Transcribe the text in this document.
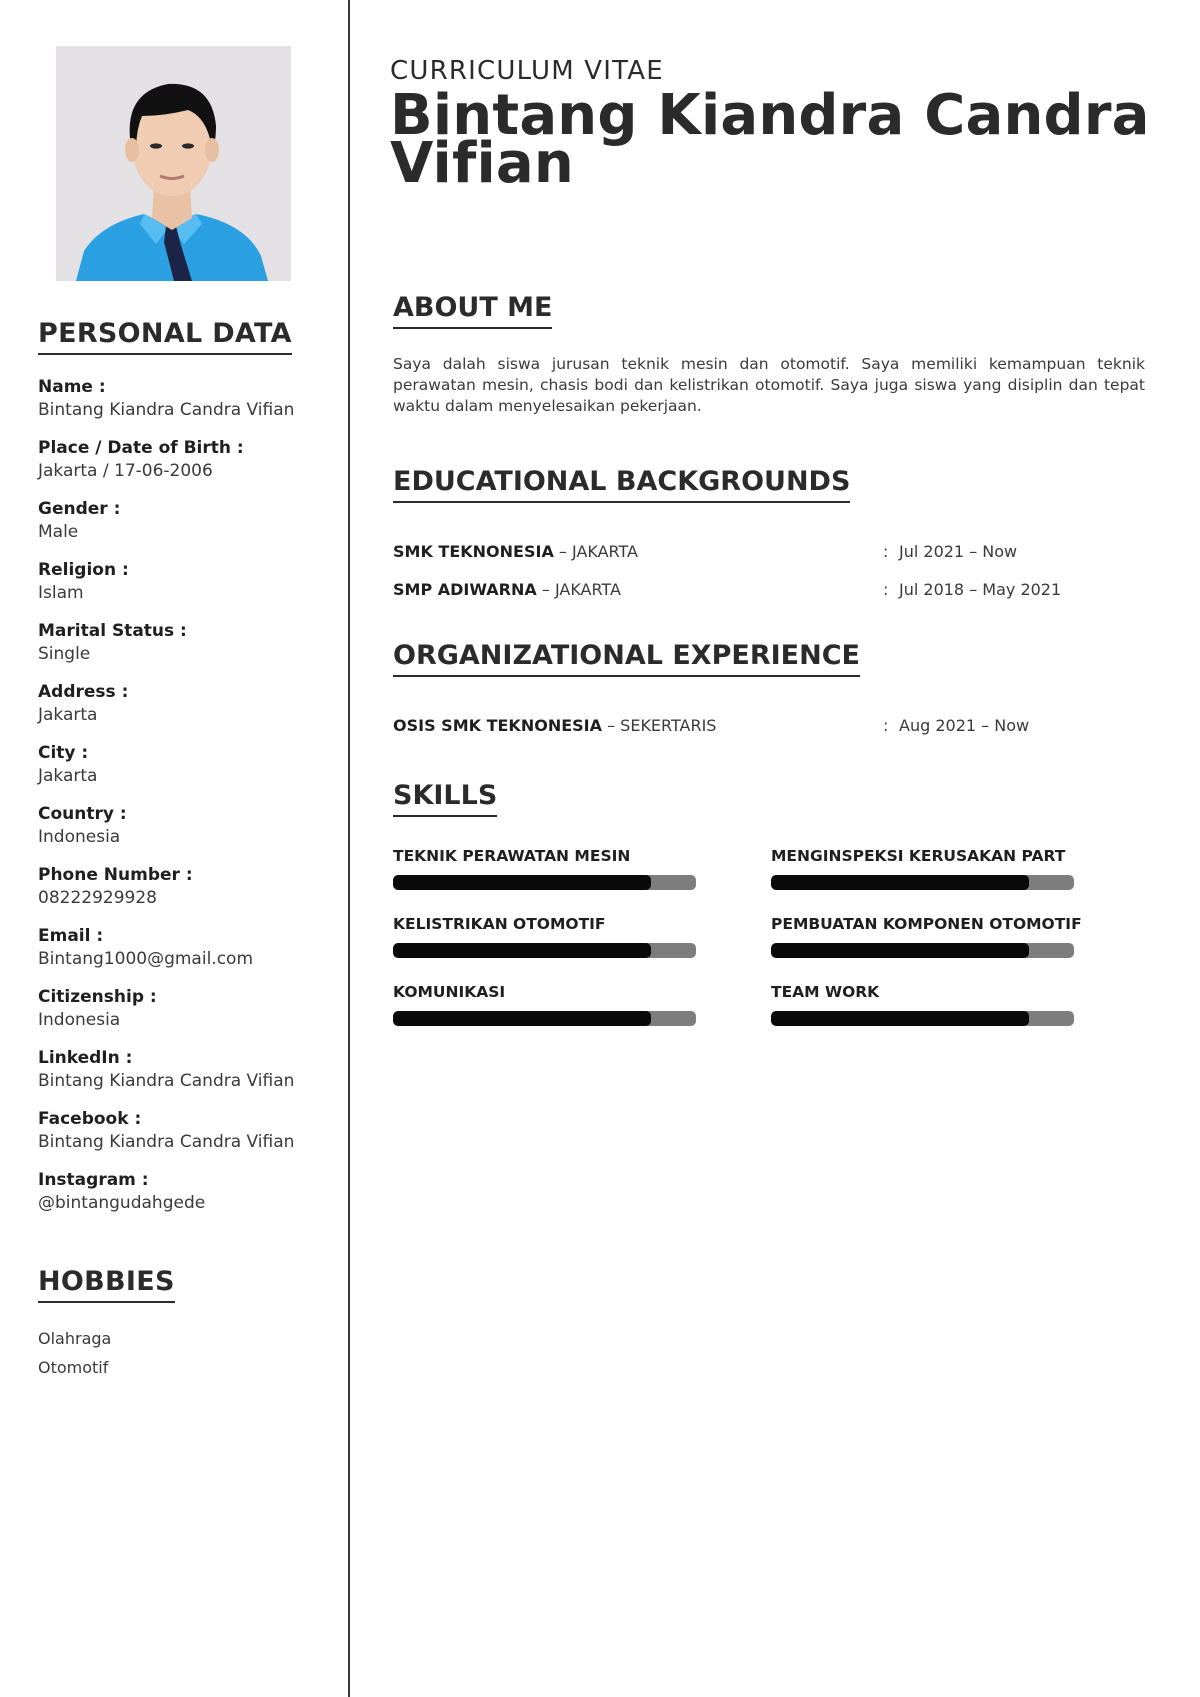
PERSONAL DATA
Name :
Bintang Kiandra Candra Vifian
Place / Date of Birth :
Jakarta / 17-06-2006
Gender :
Male
Religion :
Islam
Marital Status :
Single
Address :
Jakarta
City :
Jakarta
Country :
Indonesia
Phone Number :
08222929928
Email :
Bintang1000@gmail.com
Citizenship :
Indonesia
LinkedIn :
Bintang Kiandra Candra Vifian
Facebook :
Bintang Kiandra Candra Vifian
Instagram :
@bintangudahgede
HOBBIES
Olahraga
Otomotif
CURRICULUM VITAE
Bintang Kiandra Candra Vifian
ABOUT ME

Saya dalah siswa jurusan teknik mesin dan otomotif. Saya memiliki kemampuan teknik perawatan mesin, chasis bodi dan kelistrikan otomotif. Saya juga siswa yang disiplin dan tepat waktu dalam menyelesaikan pekerjaan.

EDUCATIONAL BACKGROUNDS
SMK TEKNONESIA – JAKARTA	: Jul 2021 – Now
SMP ADIWARNA – JAKARTA	: Jul 2018 – May 2021
ORGANIZATIONAL EXPERIENCE
OSIS SMK TEKNONESIA – SEKERTARIS	: Aug 2021 – Now
SKILLS
TEKNIK PERAWATAN MESIN	MENGINSPEKSI KERUSAKAN PART
KELISTRIKAN OTOMOTIF	PEMBUATAN KOMPONEN OTOMOTIF
KOMUNIKASI	TEAM WORK
